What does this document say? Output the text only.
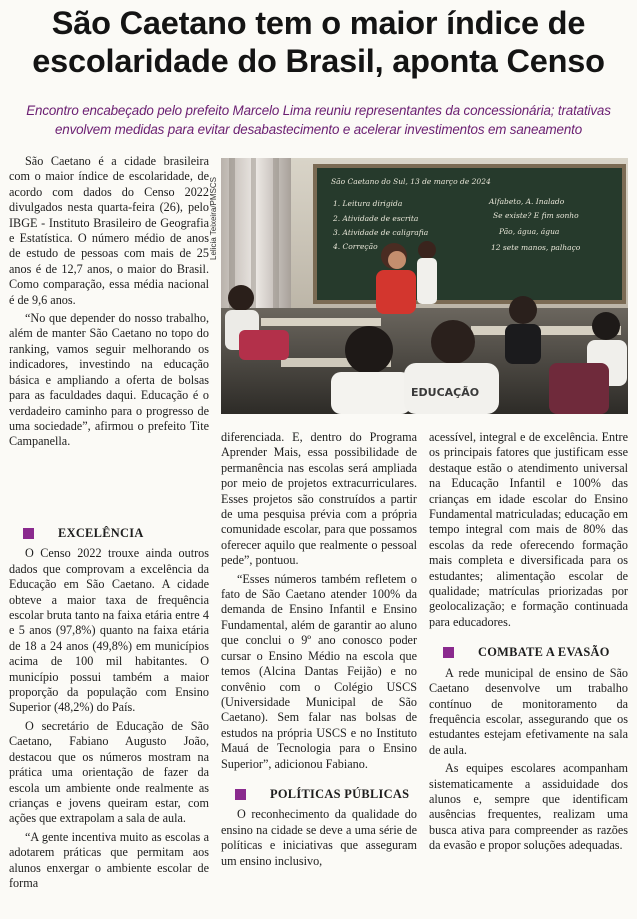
São Caetano tem o maior índice de escolaridade do Brasil, aponta Censo

Encontro encabeçado pelo prefeito Marcelo Lima reuniu representantes da concessionária; tratativas envolvem medidas para evitar desabastecimento e acelerar investimentos em saneamento

São Caetano é a cidade brasileira com o maior índice de escolaridade, de acordo com dados do Censo 2022 divulgados nesta quarta-feira (26), pelo IBGE - Instituto Brasileiro de Geografia e Estatística. O número médio de anos de estudo de pessoas com mais de 25 anos é de 12,7 anos, o maior do Brasil. Como comparação, essa média nacional é de 9,6 anos.

“No que depender do nosso trabalho, além de manter São Caetano no topo do ranking, vamos seguir melhorando os indicadores, investindo na educação básica e ampliando a oferta de bolsas para as faculdades daqui. Educação é o verdadeiro caminho para o progresso de uma sociedade”, afirmou o prefeito Tite Campanella.

EXCELÊNCIA

O Censo 2022 trouxe ainda outros dados que comprovam a excelência da Educação em São Caetano. A cidade obteve a maior taxa de frequência escolar bruta tanto na faixa etária entre 4 e 5 anos (97,8%) quanto na faixa etária de 18 a 24 anos (49,8%) em municípios acima de 100 mil habitantes. O município possui também a maior proporção da população com Ensino Superior (48,2%) do País.

O secretário de Educação de São Caetano, Fabiano Augusto João, destacou que os números mostram na prática uma orientação de fazer da escola um ambiente onde realmente as crianças e jovens queiram estar, com ações que extrapolam a sala de aula.

“A gente incentiva muito as escolas a adotarem práticas que permitam aos alunos enxergar o ambiente escolar de forma

Lelicia Teixeira/PMSCS	São Caetano do Sul, 13 de março de 2024
1. Leitura dirigida
2. Atividade de escrita
3. Atividade de caligrafia
4. Correção
Alfabeto, A. Inalado
Se existe? E fim sonho
Pão, água, água
12 sete manos, palhaço
EDUCAÇÃO

diferenciada. E, dentro do Programa Aprender Mais, essa possibilidade de permanência nas escolas será ampliada por meio de projetos extracurriculares. Esses projetos são construídos a partir de uma pesquisa prévia com a própria comunidade escolar, para que possamos oferecer aquilo que realmente o pessoal pede”, pontuou.

“Esses números também refletem o fato de São Caetano atender 100% da demanda de Ensino Infantil e Ensino Fundamental, além de garantir ao aluno que conclui o 9º ano conosco poder cursar o Ensino Médio na escola que temos (Alcina Dantas Feijão) e no convênio com o Colégio USCS (Universidade Municipal de São Caetano). Sem falar nas bolsas de estudos na própria USCS e no Instituto Mauá de Tecnologia para o Ensino Superior”, adicionou Fabiano.

POLÍTICAS PÚBLICAS

O reconhecimento da qualidade do ensino na cidade se deve a uma série de políticas e iniciativas que asseguram um ensino inclusivo,

acessível, integral e de excelência. Entre os principais fatores que justificam esse destaque estão o atendimento universal na Educação Infantil e 100% das crianças em idade escolar do Ensino Fundamental matriculadas; educação em tempo integral com mais de 80% das escolas da rede oferecendo formação mais completa e diversificada para os estudantes; alimentação escolar de qualidade; matrículas priorizadas por geolocalização; e formação continuada para educadores.

COMBATE A EVASÃO

A rede municipal de ensino de São Caetano desenvolve um trabalho contínuo de monitoramento da frequência escolar, assegurando que os estudantes estejam efetivamente na sala de aula.

As equipes escolares acompanham sistematicamente a assiduidade dos alunos e, sempre que identificam ausências frequentes, realizam uma busca ativa para compreender as razões da evasão e propor soluções adequadas.
